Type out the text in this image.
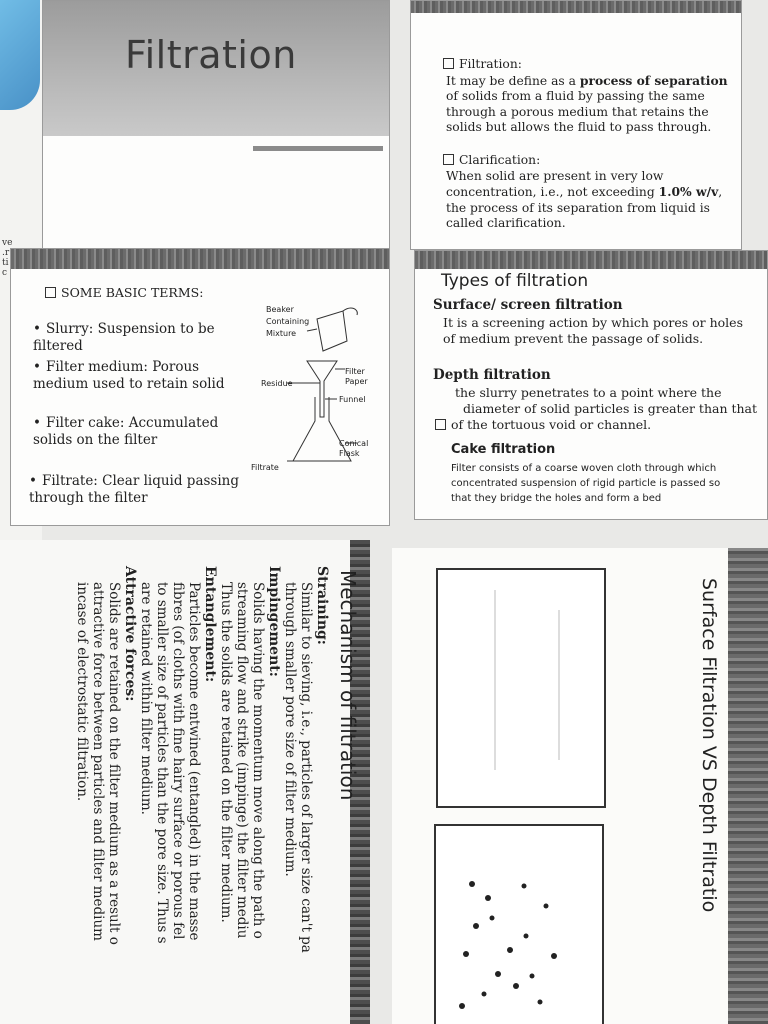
ve
.r
ti
c
Filtration	Filtration:
It may be define as a process of separation of solids from a fluid by passing the same through a porous medium that retains the solids but allows the fluid to pass through.
Clarification:
When solid are present in very low concentration, i.e., not exceeding 1.0% w/v, the process of its separation from liquid is called clarification.
SOME BASIC TERMS:
• Slurry: Suspension to be filtered
• Filter medium: Porous medium used to retain solid
• Filter cake: Accumulated solids on the filter
• Filtrate: Clear liquid passing through the filter
Beaker
Containing
Mixture
Residue
Filter Paper
Funnel
Conical Flask
Filtrate
Types of filtration
Surface/ screen filtration
It is a screening action by which pores or holes of medium prevent the passage of solids.
Depth filtration
the slurry penetrates to a point where the
diameter of solid particles is greater than that
of the tortuous void or channel.
Cake filtration
Filter consists of a coarse woven cloth through which
concentrated suspension of rigid particle is passed so
that they bridge the holes and form a bed
Mechanism of filtration
Straining:
Similar to sieving, i.e., particles of larger size can't pa
through smaller pore size of filter medium.
Impingement:
Solids having the momentum move along the path o
streaming flow and strike (impinge) the filter mediu
Thus the solids are retained on the filter medium.
Entanglement:
Particles become entwined (entangled) in the masse
fibres (of cloths with fine hairy surface or porous fel
to smaller size of particles than the pore size. Thus s
are retained within filter medium.
Attractive forces:
Solids are retained on the filter medium as a result o
attractive force between particles and filter medium
incase of electrostatic filtration.	Surface Filtration VS Depth Filtratio
